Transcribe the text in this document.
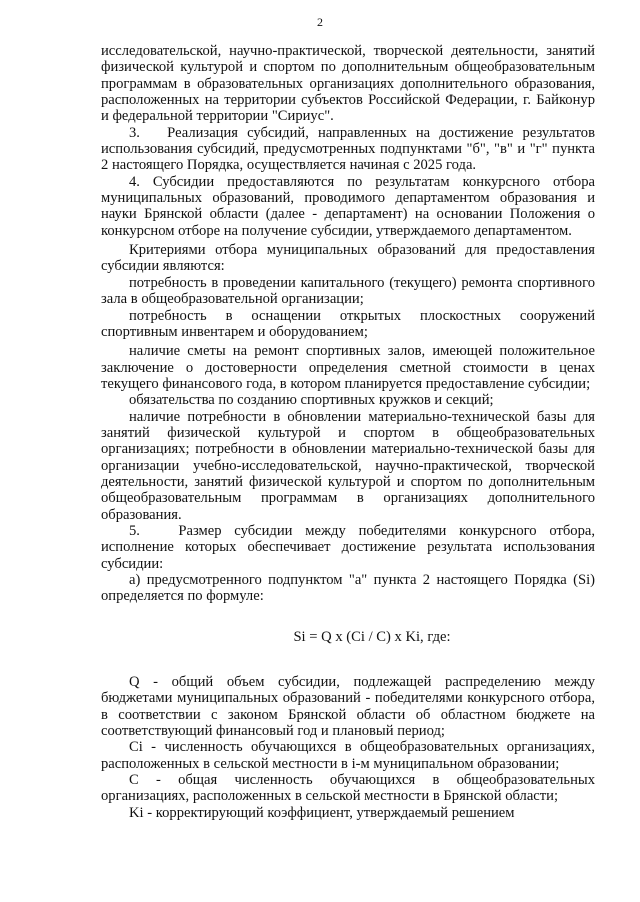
2

исследовательской, научно-практической, творческой деятельности, занятий физической культурой и спортом по дополнительным общеобразовательным программам в образовательных организациях дополнительного образования, расположенных на территории субъектов Российской Федерации, г. Байконур и федеральной территории "Сириус".

3.   Реализация субсидий, направленных на достижение результатов использования субсидий, предусмотренных подпунктами "б", "в" и "г" пункта 2 настоящего Порядка, осуществляется начиная с 2025 года.

4. Субсидии предоставляются по результатам конкурсного отбора муниципальных образований, проводимого департаментом образования и науки Брянской области (далее - департамент) на основании Положения о конкурсном отборе на получение субсидии, утверждаемого департаментом.

Критериями отбора муниципальных образований для предоставления субсидии являются:

потребность в проведении капитального (текущего) ремонта спортивного зала в общеобразовательной организации;

потребность в оснащении открытых плоскостных сооружений спортивным инвентарем и оборудованием;

наличие сметы на ремонт спортивных залов, имеющей положительное заключение о достоверности определения сметной стоимости в ценах текущего финансового года, в котором планируется предоставление субсидии;

обязательства по созданию спортивных кружков и секций;

наличие потребности в обновлении материально-технической базы для занятий физической культурой и спортом в общеобразовательных организациях; потребности в обновлении материально-технической базы для организации учебно-исследовательской, научно-практической, творческой деятельности, занятий физической культурой и спортом по дополнительным общеобразовательным программам в организациях дополнительного образования.

5.   Размер субсидии между победителями конкурсного отбора, исполнение которых обеспечивает достижение результата использования субсидии:

а) предусмотренного подпунктом "а" пункта 2 настоящего Порядка (Si) определяется по формуле:

Si = Q x (Ci / C) x Ki, где:

Q - общий объем субсидии, подлежащей распределению между бюджетами муниципальных образований - победителями конкурсного отбора, в соответствии с законом Брянской области об областном бюджете на соответствующий финансовый год и плановый период;

Ci - численность обучающихся в общеобразовательных организациях, расположенных в сельской местности в i-м муниципальном образовании;

C - общая численность обучающихся в общеобразовательных организациях, расположенных в сельской местности в Брянской области;

Ki - корректирующий коэффициент, утверждаемый решением
